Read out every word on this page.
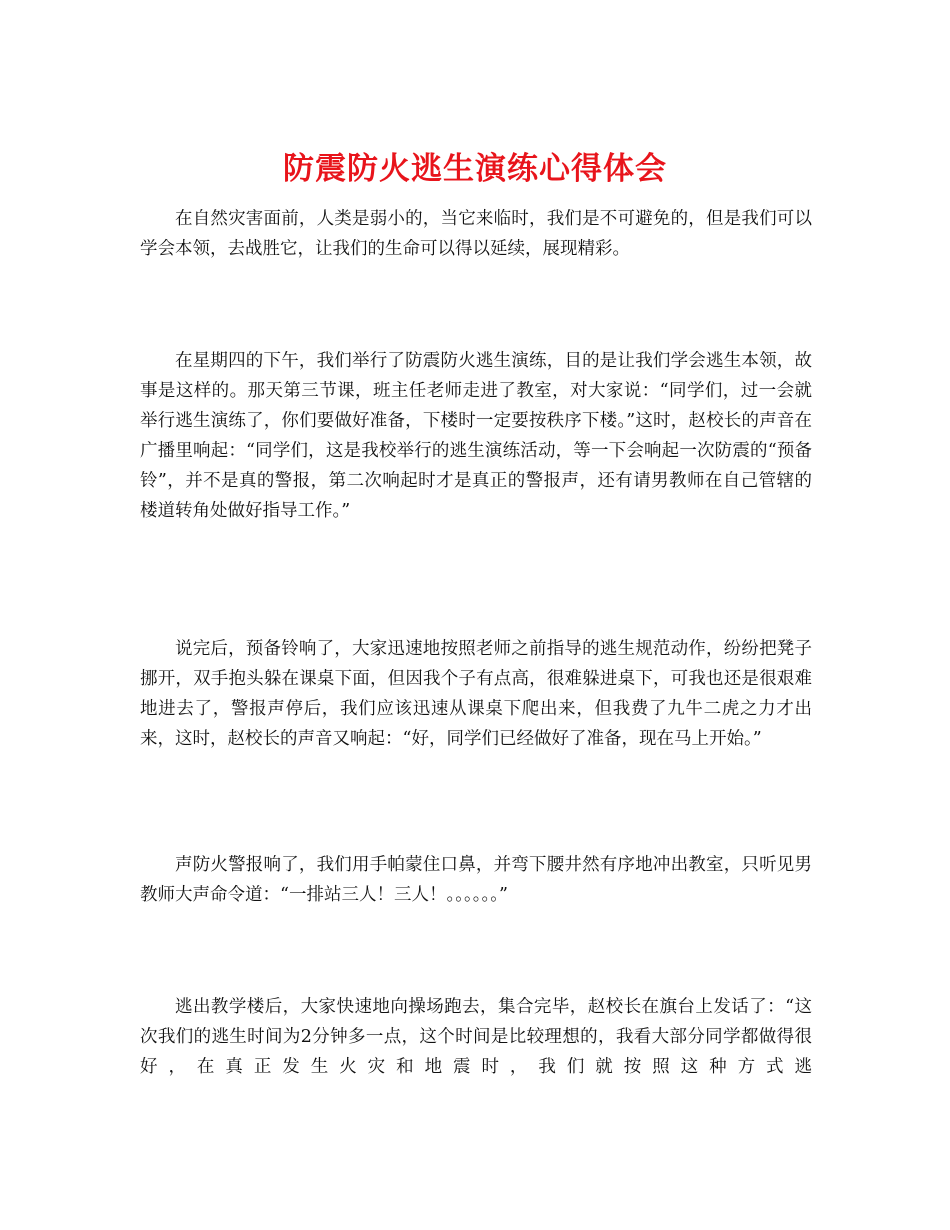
防震防火逃生演练心得体会

在自然灾害面前，人类是弱小的，当它来临时，我们是不可避免的，但是我们可以学会本领，去战胜它，让我们的生命可以得以延续，展现精彩。

在星期四的下午，我们举行了防震防火逃生演练，目的是让我们学会逃生本领，故事是这样的。那天第三节课，班主任老师走进了教室，对大家说：“同学们，过一会就举行逃生演练了，你们要做好准备，下楼时一定要按秩序下楼。”这时，赵校长的声音在广播里响起：“同学们，这是我校举行的逃生演练活动，等一下会响起一次防震的“预备铃”，并不是真的警报，第二次响起时才是真正的警报声，还有请男教师在自己管辖的楼道转角处做好指导工作。”

说完后，预备铃响了，大家迅速地按照老师之前指导的逃生规范动作，纷纷把凳子挪开，双手抱头躲在课桌下面，但因我个子有点高，很难躲进桌下，可我也还是很艰难地进去了，警报声停后，我们应该迅速从课桌下爬出来，但我费了九牛二虎之力才出来，这时，赵校长的声音又响起：“好，同学们已经做好了准备，现在马上开始。”

声防火警报响了，我们用手帕蒙住口鼻，并弯下腰井然有序地冲出教室，只听见男教师大声命令道：“一排站三人！三人！。。。。。。”

逃出教学楼后，大家快速地向操场跑去，集合完毕，赵校长在旗台上发话了：“这次我们的逃生时间为2分钟多一点，这个时间是比较理想的，我看大部分同学都做得很好，在真正发生火灾和地震时，我们就按照这种方式逃
